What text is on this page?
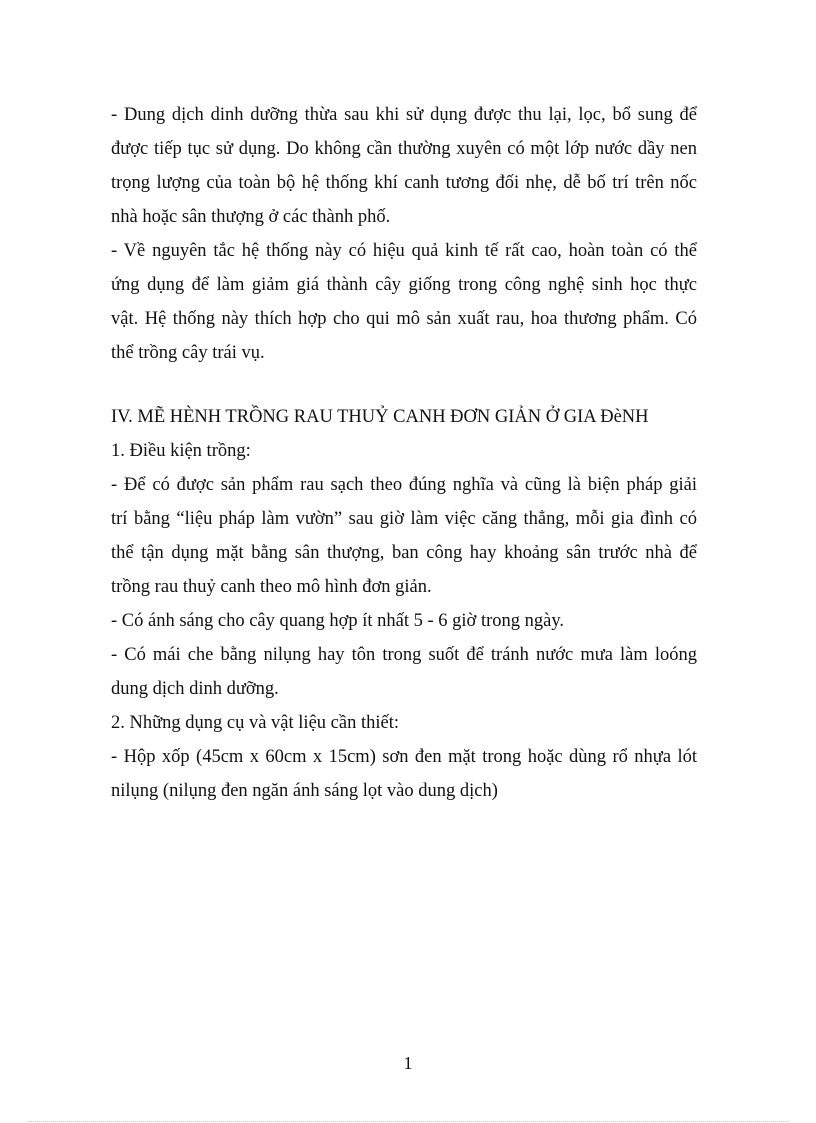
- Dung dịch dinh dưỡng thừa sau khi sử dụng được thu lại, lọc, bổ sung để
được tiếp tục sử dụng. Do không cần thường xuyên có một lớp nước dầy nen
trọng lượng của toàn bộ hệ thống khí canh tương đối nhẹ, dễ bố trí trên nốc
nhà hoặc sân thượng ở các thành phố.
- Về nguyên tắc hệ thống này có hiệu quả kinh tế rất cao, hoàn toàn có thể
ứng dụng để làm giảm giá thành cây giống trong công nghệ sinh học thực
vật. Hệ thống này thích hợp cho qui mô sản xuất rau, hoa thương phẩm. Có
thể trồng cây trái vụ.
IV. MẼ HÈNH TRỒNG RAU THUỶ CANH ĐƠN GIẢN Ở GIA ĐèNH
1. Điều kiện trồng:
- Để có được sản phẩm rau sạch theo đúng nghĩa và cũng là biện pháp giải
trí bằng “liệu pháp làm vườn” sau giờ làm việc căng thẳng, mỗi gia đình có
thể tận dụng mặt bằng sân thượng, ban công hay khoảng sân trước nhà để
trồng rau thuỷ canh theo mô hình đơn giản.
- Có ánh sáng cho cây quang hợp ít nhất 5 - 6 giờ trong ngày.
- Có mái che bằng nilụng hay tôn trong suốt để tránh nước mưa làm loóng
dung dịch dinh dưỡng.
2. Những dụng cụ và vật liệu cần thiết:
- Hộp xốp (45cm x 60cm x 15cm) sơn đen mặt trong hoặc dùng rổ nhựa lót
nilụng (nilụng đen ngăn ánh sáng lọt vào dung dịch)
1
